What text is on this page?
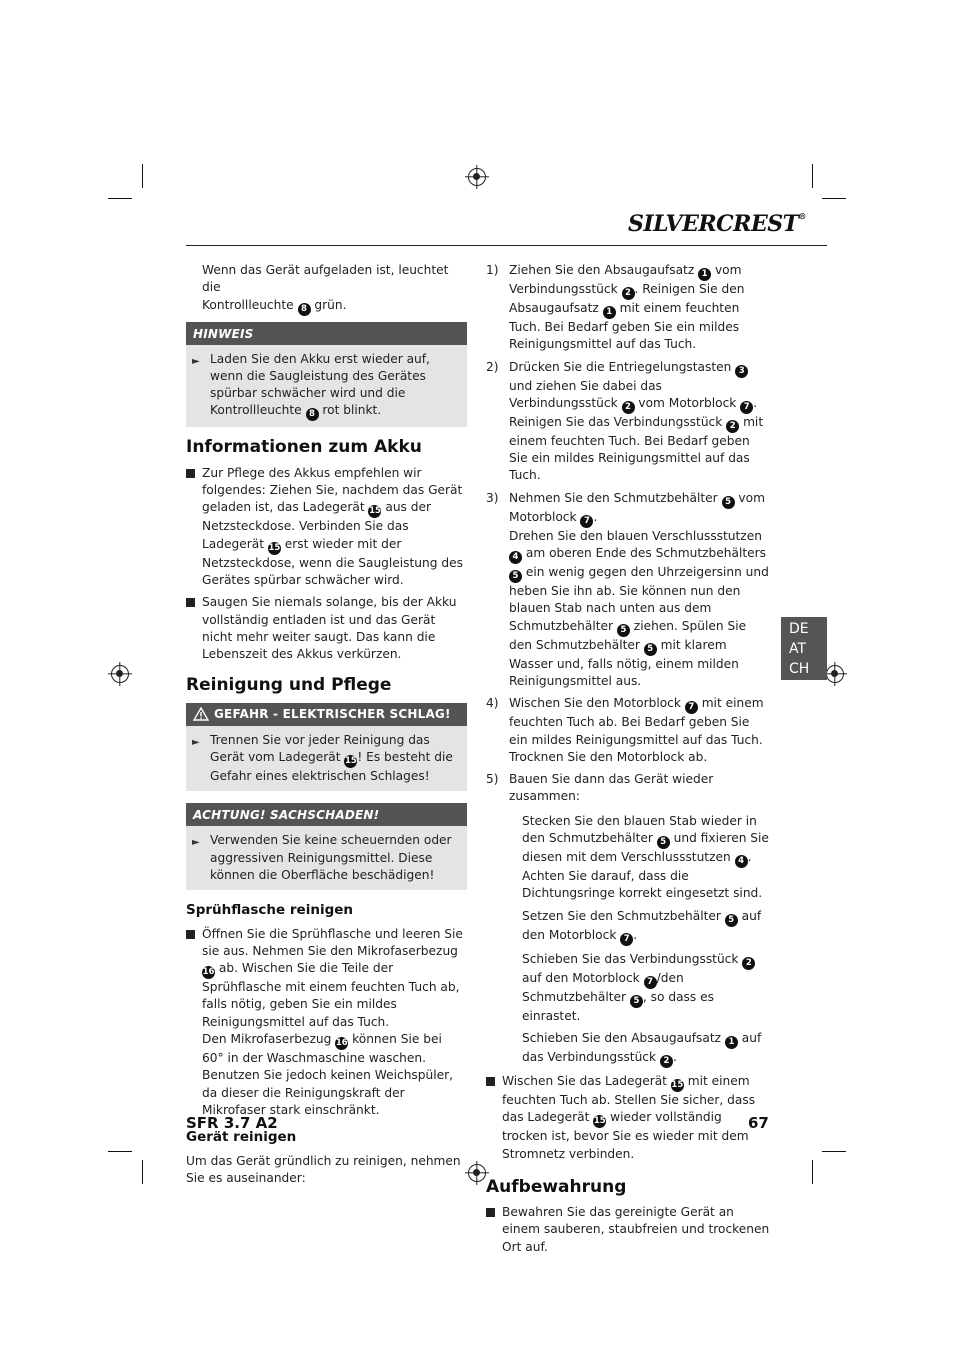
SILVERCREST®
Wenn das Gerät aufgeladen ist, leuchtet die
Kontrollleuchte 8 grün.
HINWEIS
► Laden Sie den Akku erst wieder auf, wenn die Saugleistung des Gerätes spürbar schwächer wird und die Kontrollleuchte 8 rot blinkt.
Informationen zum Akku
Zur Pflege des Akkus empfehlen wir folgendes: Ziehen Sie, nachdem das Gerät geladen ist, das Ladegerät 15 aus der Netzsteckdose. Verbinden Sie das Ladegerät 15 erst wieder mit der Netzsteckdose, wenn die Saugleistung des Gerätes spürbar schwächer wird.
Saugen Sie niemals solange, bis der Akku vollständig entladen ist und das Gerät nicht mehr weiter saugt. Das kann die Lebenszeit des Akkus verkürzen.
Reinigung und Pflege
GEFAHR - ELEKTRISCHER SCHLAG!
► Trennen Sie vor jeder Reinigung das Gerät vom Ladegerät 15! Es besteht die Gefahr eines elektrischen Schlages!
ACHTUNG! SACHSCHADEN!
► Verwenden Sie keine scheuernden oder aggressiven Reinigungsmittel. Diese können die Oberfläche beschädigen!
Sprühflasche reinigen
Öffnen Sie die Sprühflasche und leeren Sie sie aus. Nehmen Sie den Mikrofaserbezug 16 ab. Wischen Sie die Teile der Sprühflasche mit einem feuchten Tuch ab, falls nötig, geben Sie ein mildes Reinigungsmittel auf das Tuch.
Den Mikrofaserbezug 16 können Sie bei 60° in der Waschmaschine waschen. Benutzen Sie jedoch keinen Weichspüler, da dieser die Reinigungskraft der Mikrofaser stark einschränkt.
Gerät reinigen
Um das Gerät gründlich zu reinigen, nehmen Sie es auseinander:
1) Ziehen Sie den Absaugaufsatz 1 vom Verbindungsstück 2 . Reinigen Sie den Absaugaufsatz 1 mit einem feuchten Tuch. Bei Bedarf geben Sie ein mildes Reinigungsmittel auf das Tuch.
2) Drücken Sie die Entriegelungstasten 3 und ziehen Sie dabei das Verbindungsstück 2 vom Motorblock 7 . Reinigen Sie das Verbindungsstück 2 mit einem feuchten Tuch. Bei Bedarf geben Sie ein mildes Reinigungsmittel auf das Tuch.
3) Nehmen Sie den Schmutzbehälter 5 vom Motorblock 7 .
Drehen Sie den blauen Verschlussstutzen 4 am oberen Ende des Schmutzbehälters 5 ein wenig gegen den Uhrzeigersinn und heben Sie ihn ab. Sie können nun den blauen Stab nach unten aus dem Schmutzbehälter 5 ziehen. Spülen Sie den Schmutzbehälter 5 mit klarem Wasser und, falls nötig, einem milden Reinigungsmittel aus.
4) Wischen Sie den Motorblock 7 mit einem feuchten Tuch ab. Bei Bedarf geben Sie ein mildes Reinigungsmittel auf das Tuch. Trocknen Sie den Motorblock ab.
5) Bauen Sie dann das Gerät wieder zusammen:
Stecken Sie den blauen Stab wieder in den Schmutzbehälter 5 und fixieren Sie diesen mit dem Verschlussstutzen 4 . Achten Sie darauf, dass die Dichtungsringe korrekt eingesetzt sind.
Setzen Sie den Schmutzbehälter 5 auf den Motorblock 7 .
Schieben Sie das Verbindungsstück 2 auf den Motorblock 7 /den Schmutzbehälter 5 , so dass es einrastet.
Schieben Sie den Absaugaufsatz 1 auf das Verbindungsstück 2 .
Wischen Sie das Ladegerät 15 mit einem feuchten Tuch ab. Stellen Sie sicher, dass das Ladegerät 15 wieder vollständig trocken ist, bevor Sie es wieder mit dem Stromnetz verbinden.
Aufbewahrung
Bewahren Sie das gereinigte Gerät an einem sauberen, staubfreien und trockenen Ort auf.
DE
AT
CH
SFR 3.7 A2	67
